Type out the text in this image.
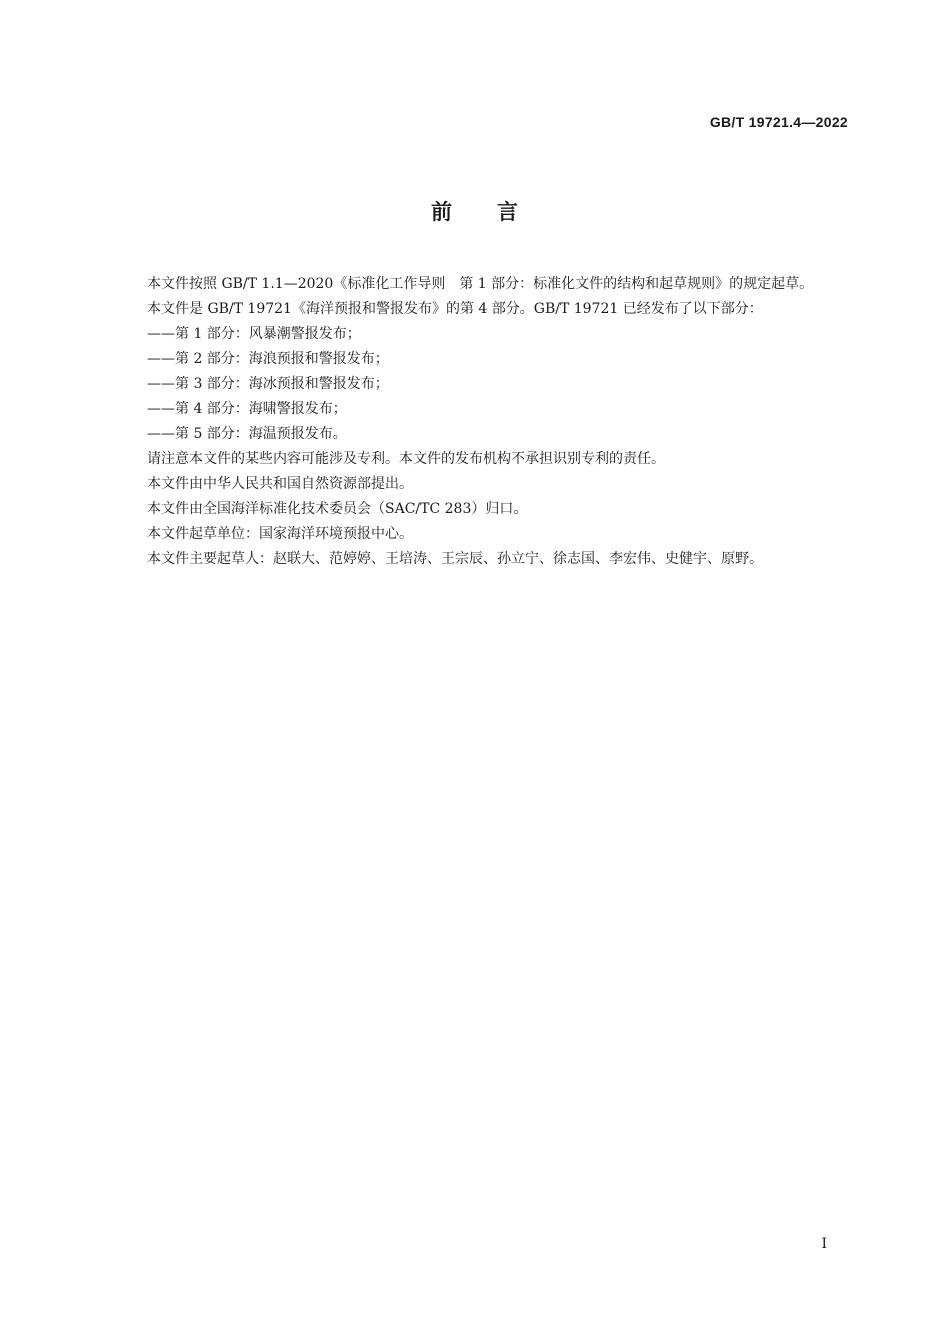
GB/T 19721.4—2022
前　　言

本文件按照 GB/T 1.1—2020《标准化工作导则　第 1 部分：标准化文件的结构和起草规则》的规定起草。

本文件是 GB/T 19721《海洋预报和警报发布》的第 4 部分。GB/T 19721 已经发布了以下部分：

——第 1 部分：风暴潮警报发布；

——第 2 部分：海浪预报和警报发布；

——第 3 部分：海冰预报和警报发布；

——第 4 部分：海啸警报发布；

——第 5 部分：海温预报发布。

请注意本文件的某些内容可能涉及专利。本文件的发布机构不承担识别专利的责任。

本文件由中华人民共和国自然资源部提出。

本文件由全国海洋标准化技术委员会（SAC/TC 283）归口。

本文件起草单位：国家海洋环境预报中心。

本文件主要起草人：赵联大、范婷婷、王培涛、王宗辰、孙立宁、徐志国、李宏伟、史健宇、原野。

I
